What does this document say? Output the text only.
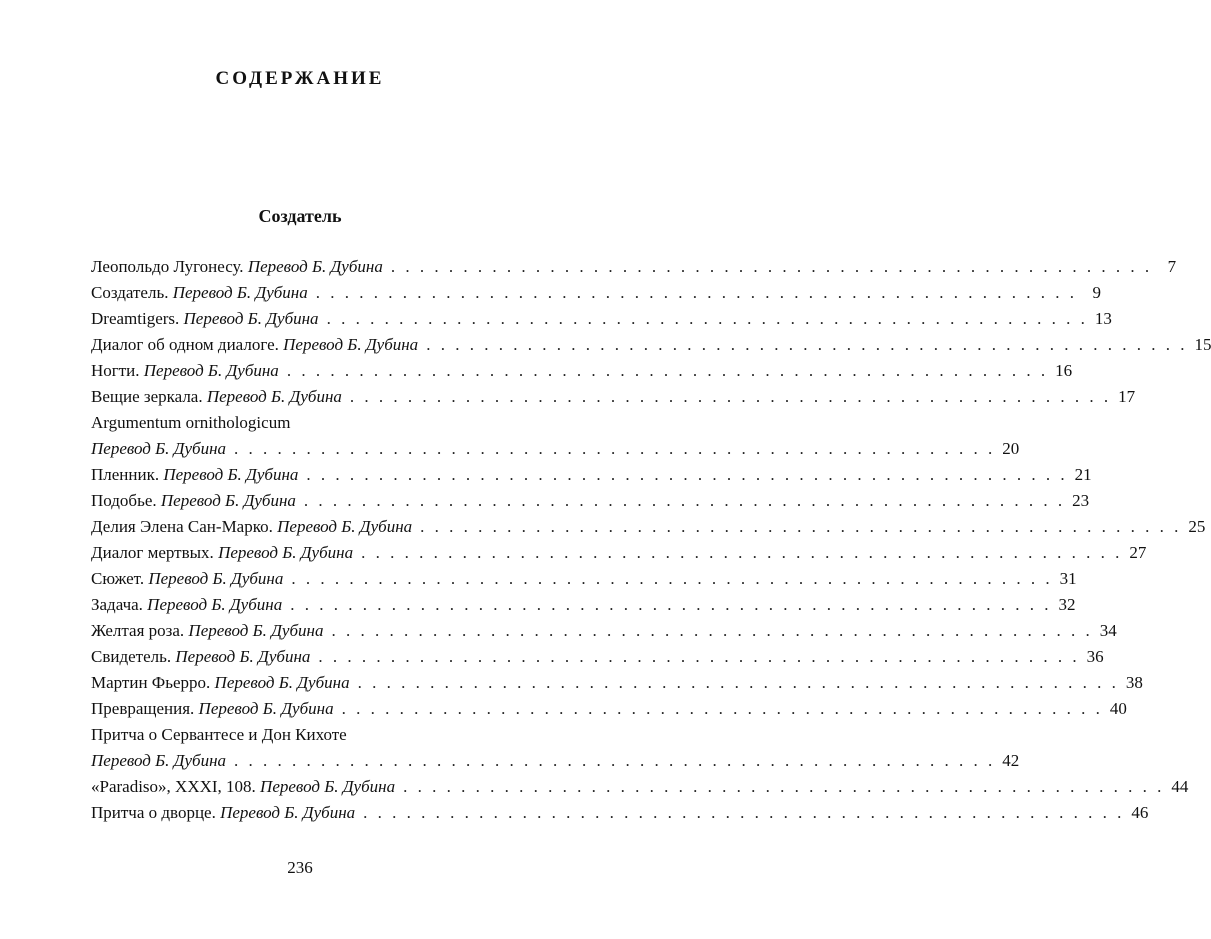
СОДЕРЖАНИЕ
Создатель
Леопольдо Лугонесу. Перевод Б. Дубина . . . . . . . . . . . . . . . . . . . . . . . . . . . . . . . . . . . . . . . . . . . . . . . . . . . . . 7
Создатель. Перевод Б. Дубина . . . . . . . . . . . . . . . . . . . . . . . . . . . . . . . . . . . . . . . . . . . . . . . . . . . . . 9
Dreamtigers. Перевод Б. Дубина . . . . . . . . . . . . . . . . . . . . . . . . . . . . . . . . . . . . . . . . . . . . . . . . . . . . . 13
Диалог об одном диалоге. Перевод Б. Дубина . . . . . . . . . . . . . . . . . . . . . . . . . . . . . . . . . . . . . . . . . . . . . . . . . . . . . 15
Ногти. Перевод Б. Дубина . . . . . . . . . . . . . . . . . . . . . . . . . . . . . . . . . . . . . . . . . . . . . . . . . . . . . 16
Вещие зеркала. Перевод Б. Дубина . . . . . . . . . . . . . . . . . . . . . . . . . . . . . . . . . . . . . . . . . . . . . . . . . . . . . 17
Argumentum ornithologicum
Перевод Б. Дубина . . . . . . . . . . . . . . . . . . . . . . . . . . . . . . . . . . . . . . . . . . . . . . . . . . . . . 20
Пленник. Перевод Б. Дубина . . . . . . . . . . . . . . . . . . . . . . . . . . . . . . . . . . . . . . . . . . . . . . . . . . . . . 21
Подобье. Перевод Б. Дубина . . . . . . . . . . . . . . . . . . . . . . . . . . . . . . . . . . . . . . . . . . . . . . . . . . . . . 23
Делия Элена Сан-Марко. Перевод Б. Дубина . . . . . . . . . . . . . . . . . . . . . . . . . . . . . . . . . . . . . . . . . . . . . . . . . . . . . 25
Диалог мертвых. Перевод Б. Дубина . . . . . . . . . . . . . . . . . . . . . . . . . . . . . . . . . . . . . . . . . . . . . . . . . . . . . 27
Сюжет. Перевод Б. Дубина . . . . . . . . . . . . . . . . . . . . . . . . . . . . . . . . . . . . . . . . . . . . . . . . . . . . . 31
Задача. Перевод Б. Дубина . . . . . . . . . . . . . . . . . . . . . . . . . . . . . . . . . . . . . . . . . . . . . . . . . . . . . 32
Желтая роза. Перевод Б. Дубина . . . . . . . . . . . . . . . . . . . . . . . . . . . . . . . . . . . . . . . . . . . . . . . . . . . . . 34
Свидетель. Перевод Б. Дубина . . . . . . . . . . . . . . . . . . . . . . . . . . . . . . . . . . . . . . . . . . . . . . . . . . . . . 36
Мартин Фьерро. Перевод Б. Дубина . . . . . . . . . . . . . . . . . . . . . . . . . . . . . . . . . . . . . . . . . . . . . . . . . . . . . 38
Превращения. Перевод Б. Дубина . . . . . . . . . . . . . . . . . . . . . . . . . . . . . . . . . . . . . . . . . . . . . . . . . . . . . 40
Притча о Сервантесе и Дон Кихоте
Перевод Б. Дубина . . . . . . . . . . . . . . . . . . . . . . . . . . . . . . . . . . . . . . . . . . . . . . . . . . . . . 42
«Paradiso», XXXI, 108. Перевод Б. Дубина . . . . . . . . . . . . . . . . . . . . . . . . . . . . . . . . . . . . . . . . . . . . . . . . . . . . . 44
Притча о дворце. Перевод Б. Дубина . . . . . . . . . . . . . . . . . . . . . . . . . . . . . . . . . . . . . . . . . . . . . . . . . . . . . 46
236
